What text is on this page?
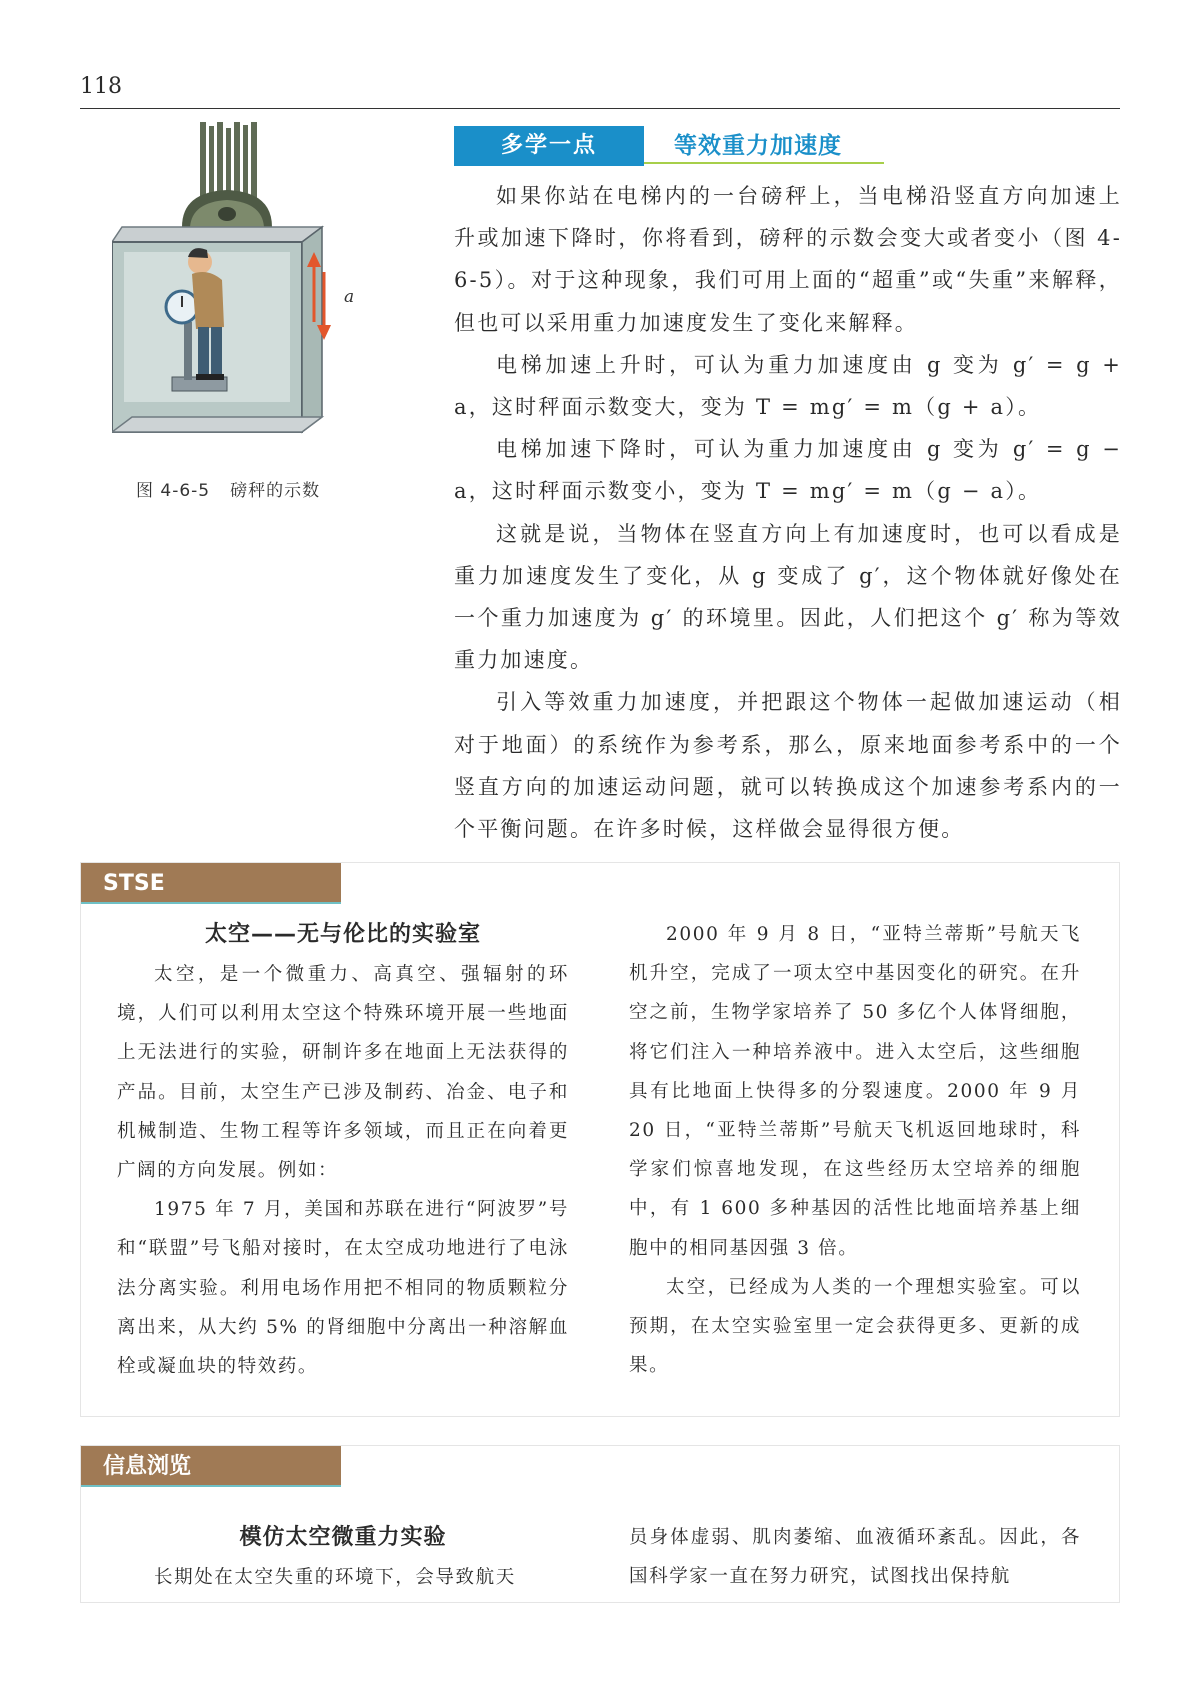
118
a
图 4-6-5 磅秤的示数
多学一点	等效重力加速度

如果你站在电梯内的一台磅秤上，当电梯沿竖直方向加速上升或加速下降时，你将看到，磅秤的示数会变大或者变小（图 4-6-5）。对于这种现象，我们可用上面的“超重”或“失重”来解释，但也可以采用重力加速度发生了变化来解释。

电梯加速上升时，可认为重力加速度由 g 变为 g′ = g + a，这时秤面示数变大，变为 T = mg′ = m（g + a）。

电梯加速下降时，可认为重力加速度由 g 变为 g′ = g − a，这时秤面示数变小，变为 T = mg′ = m（g − a）。

这就是说，当物体在竖直方向上有加速度时，也可以看成是重力加速度发生了变化，从 g 变成了 g′，这个物体就好像处在一个重力加速度为 g′ 的环境里。因此，人们把这个 g′ 称为等效重力加速度。

引入等效重力加速度，并把跟这个物体一起做加速运动（相对于地面）的系统作为参考系，那么，原来地面参考系中的一个竖直方向的加速运动问题，就可以转换成这个加速参考系内的一个平衡问题。在许多时候，这样做会显得很方便。

STSE
太空——无与伦比的实验室

太空，是一个微重力、高真空、强辐射的环境，人们可以利用太空这个特殊环境开展一些地面上无法进行的实验，研制许多在地面上无法获得的产品。目前，太空生产已涉及制药、冶金、电子和机械制造、生物工程等许多领域，而且正在向着更广阔的方向发展。例如：

1975 年 7 月，美国和苏联在进行“阿波罗”号和“联盟”号飞船对接时，在太空成功地进行了电泳法分离实验。利用电场作用把不相同的物质颗粒分离出来，从大约 5% 的肾细胞中分离出一种溶解血栓或凝血块的特效药。

2000 年 9 月 8 日，“亚特兰蒂斯”号航天飞机升空，完成了一项太空中基因变化的研究。在升空之前，生物学家培养了 50 多亿个人体肾细胞，将它们注入一种培养液中。进入太空后，这些细胞具有比地面上快得多的分裂速度。2000 年 9 月 20 日，“亚特兰蒂斯”号航天飞机返回地球时，科学家们惊喜地发现，在这些经历太空培养的细胞中，有 1 600 多种基因的活性比地面培养基上细胞中的相同基因强 3 倍。

太空，已经成为人类的一个理想实验室。可以预期，在太空实验室里一定会获得更多、更新的成果。

信息浏览
模仿太空微重力实验

长期处在太空失重的环境下，会导致航天

员身体虚弱、肌肉萎缩、血液循环紊乱。因此，各国科学家一直在努力研究，试图找出保持航
